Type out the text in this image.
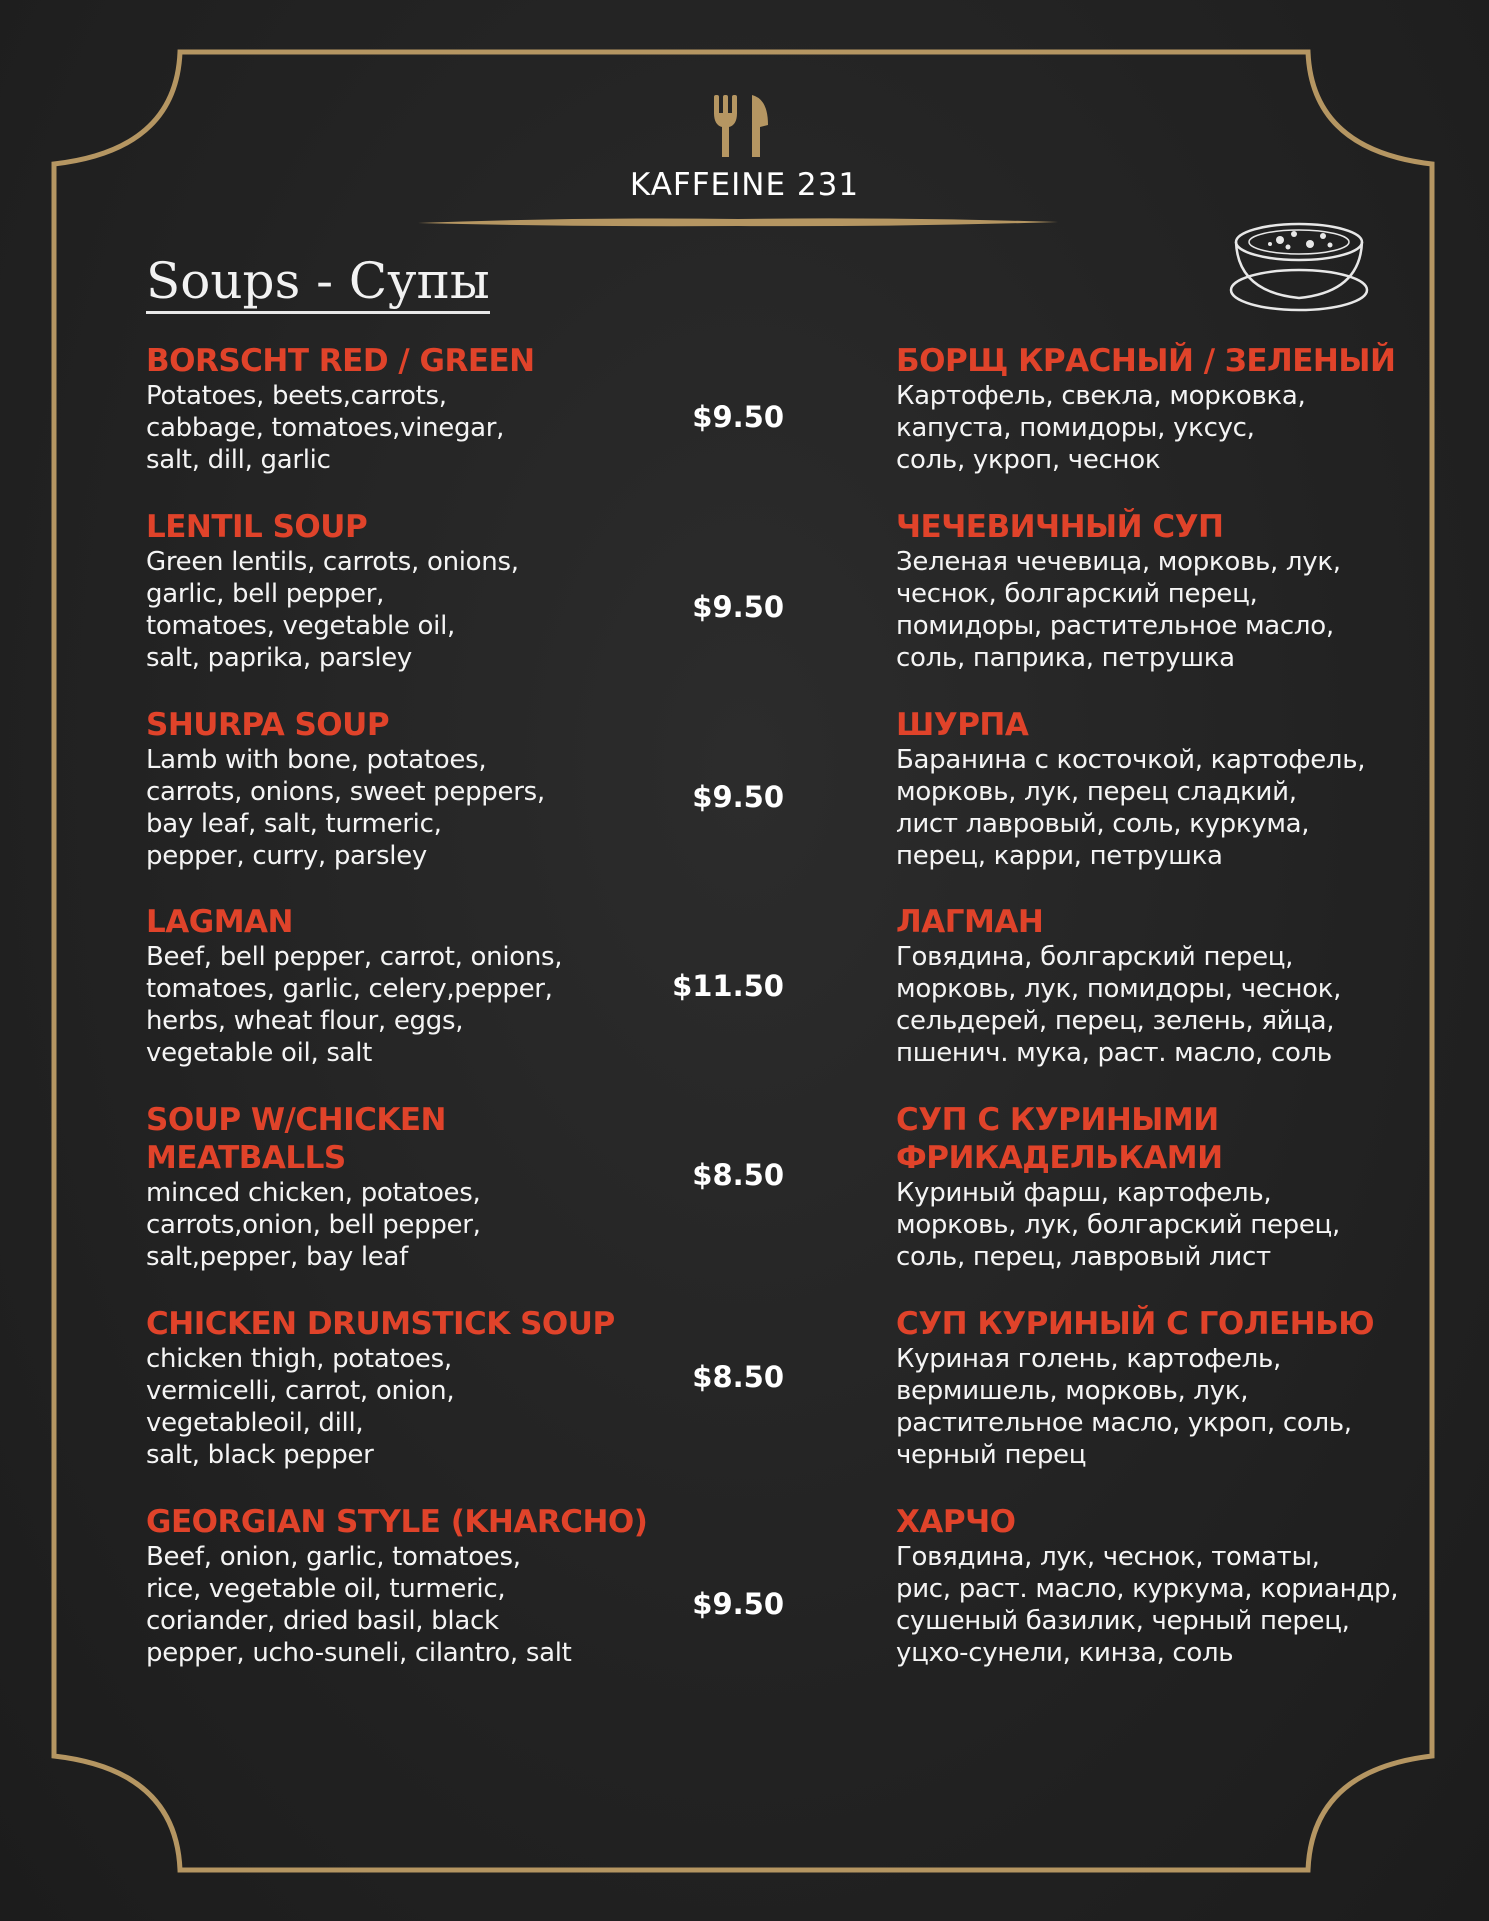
KAFFEINE 231
Soups - Супы
BORSCHT RED / GREEN
Potatoes, beets,carrots,
cabbage, tomatoes,vinegar,
salt, dill, garlic
$9.50
БОРЩ КРАСНЫЙ / ЗЕЛЕНЫЙ
Картофель, свекла, морковка,
капуста, помидоры, уксус,
соль, укроп, чеснок
LENTIL SOUP
Green lentils, carrots, onions,
garlic, bell pepper,
tomatoes, vegetable oil,
salt, paprika, parsley
$9.50
ЧЕЧЕВИЧНЫЙ СУП
Зеленая чечевица, морковь, лук,
чеснок, болгарский перец,
помидоры, растительное масло,
соль, паприка, петрушка
SHURPA SOUP
Lamb with bone, potatoes,
carrots, onions, sweet peppers,
bay leaf, salt, turmeric,
pepper, curry, parsley
$9.50
ШУРПА
Баранина с косточкой, картофель,
морковь, лук, перец сладкий,
лист лавровый, соль, куркума,
перец, карри, петрушка
LAGMAN
Beef, bell pepper, carrot, onions,
tomatoes, garlic, celery,pepper,
herbs, wheat flour, eggs,
vegetable oil, salt
$11.50
ЛАГМАН
Говядина, болгарский перец,
морковь, лук, помидоры, чеснок,
сельдерей, перец, зелень, яйца,
пшенич. мука, раст. масло, соль
SOUP W/CHICKEN
MEATBALLS
minced chicken, potatoes,
carrots,onion, bell pepper,
salt,pepper, bay leaf
$8.50
СУП С КУРИНЫМИ
ФРИКАДЕЛЬКАМИ
Куриный фарш, картофель,
морковь, лук, болгарский перец,
соль, перец, лавровый лист
CHICKEN DRUMSTICK SOUP
chicken thigh, potatoes,
vermicelli, carrot, onion,
vegetableoil, dill,
salt, black pepper
$8.50
СУП КУРИНЫЙ С ГОЛЕНЬЮ
Куриная голень, картофель,
вермишель, морковь, лук,
растительное масло, укроп, соль,
черный перец
GEORGIAN STYLE (KHARCHO)
Beef, onion, garlic, tomatoes,
rice, vegetable oil, turmeric,
coriander, dried basil, black
pepper, ucho-suneli, cilantro, salt
$9.50
ХАРЧО
Говядина, лук, чеснок, томаты,
рис, раст. масло, куркума, кориандр,
сушеный базилик, черный перец,
уцхо-сунели, кинза, соль
